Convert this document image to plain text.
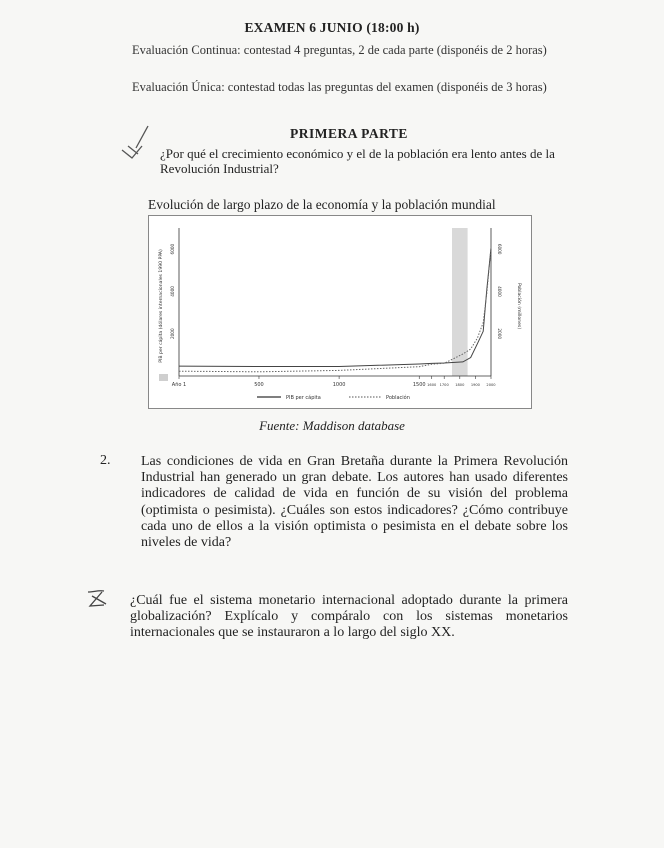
EXAMEN 6 JUNIO (18:00 h)
Evaluación Continua: contestad 4 preguntas, 2 de cada parte (disponéis de 2 horas)
Evaluación Única: contestad todas las preguntas del examen (disponéis de 3 horas)
PRIMERA PARTE
¿Por qué el crecimiento económico y el de la población era lento antes de la Revolución Industrial?
Evolución de largo plazo de la economía y la población mundial
Año 1	500	1000	1500 1600 1700 1800 1900 2000
2000
4000
6000
2000
4000
6000
PIB per cápita (dólares internacionales 1990 PPA)	Población (millones)
PIB per cápita	Población
Fuente: Maddison database
2. Las condiciones de vida en Gran Bretaña durante la Primera Revolución Industrial han generado un gran debate. Los autores han usado diferentes indicadores de calidad de vida en función de su visión del problema (optimista o pesimista). ¿Cuáles son estos indicadores? ¿Cómo contribuye cada uno de ellos a la visión optimista o pesimista en el debate sobre los niveles de vida?
¿Cuál fue el sistema monetario internacional adoptado durante la primera globalización? Explícalo y compáralo con los sistemas monetarios internacionales que se instauraron a lo largo del siglo XX.
